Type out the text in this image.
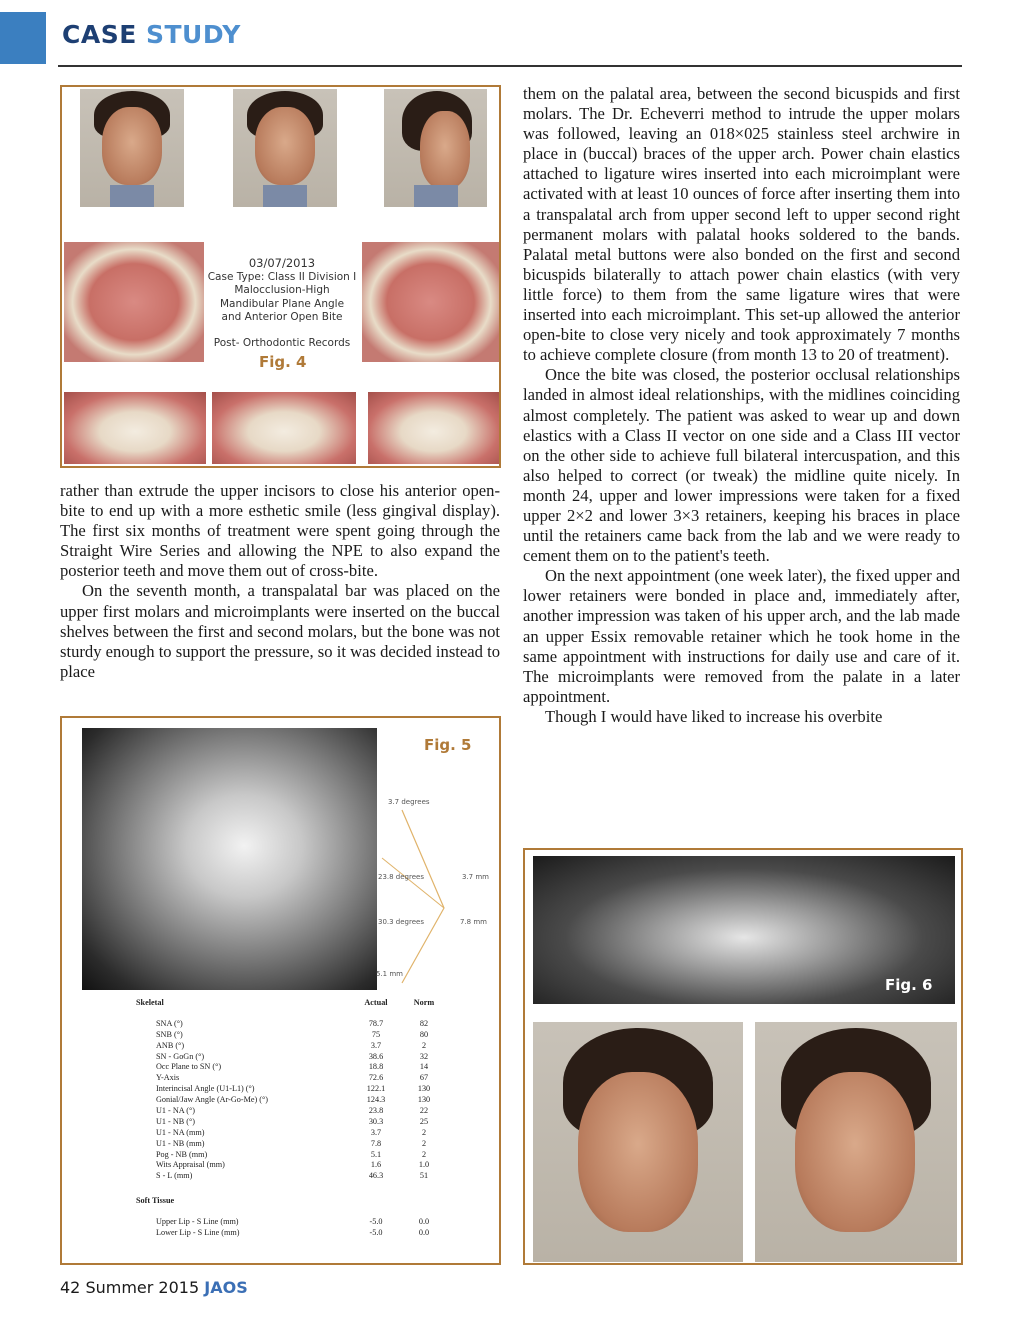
CASE STUDY
03/07/2013
Case Type: Class II Division I
Malocclusion-High
Mandibular Plane Angle
and Anterior Open Bite
Post- Orthodontic Records
Fig. 4

rather than extrude the upper incisors to close his anterior open-bite to end up with a more esthetic smile (less gingival display). The first six months of treatment were spent going through the Straight Wire Series and allowing the NPE to also expand the posterior teeth and move them out of cross-bite.

On the seventh month, a transpalatal bar was placed on the upper first molars and microimplants were inserted on the buccal shelves between the first and second molars, but the bone was not sturdy enough to support the pressure, so it was decided instead to place

Fig. 5
3.7 degrees
23.8 degrees	3.7 mm
30.3 degrees	7.8 mm
5.1 mm
Skeletal	Actual	Norm
SNA (°)	78.7	82
SNB (°)	75	80
ANB (°)	3.7	2
SN - GoGn (°)	38.6	32
Occ Plane to SN (°)	18.8	14
Y-Axis	72.6	67
Interincisal Angle (U1-L1) (°)	122.1	130
Gonial/Jaw Angle (Ar-Go-Me) (°)	124.3	130
U1 - NA (°)	23.8	22
U1 - NB (°)	30.3	25
U1 - NA (mm)	3.7	2
U1 - NB (mm)	7.8	2
Pog - NB (mm)	5.1	2
Wits Appraisal (mm)	1.6	1.0
S - L (mm)	46.3	51
Soft Tissue
Upper Lip - S Line (mm)	-5.0	0.0
Lower Lip - S Line (mm)	-5.0	0.0

them on the palatal area, between the second bicuspids and first molars. The Dr. Echeverri method to intrude the upper molars was followed, leaving an 018×025 stainless steel archwire in place in (buccal) braces of the upper arch. Power chain elastics attached to ligature wires inserted into each microimplant were activated with at least 10 ounces of force after inserting them into a transpalatal arch from upper second left to upper second right permanent molars with palatal hooks soldered to the bands. Palatal metal buttons were also bonded on the first and second bicuspids bilaterally to attach power chain elastics (with very little force) to them from the same ligature wires that were inserted into each microimplant. This set-up allowed the anterior open-bite to close very nicely and took approximately 7 months to achieve complete closure (from month 13 to 20 of treatment).

Once the bite was closed, the posterior occlusal relationships landed in almost ideal relationships, with the midlines coinciding almost completely. The patient was asked to wear up and down elastics with a Class II vector on one side and a Class III vector on the other side to achieve full bilateral intercuspation, and this also helped to correct (or tweak) the midline quite nicely. In month 24, upper and lower impressions were taken for a fixed upper 2×2 and lower 3×3 retainers, keeping his braces in place until the retainers came back from the lab and we were ready to cement them on to the patient's teeth.

On the next appointment (one week later), the fixed upper and lower retainers were bonded in place and, immediately after, another impression was taken of his upper arch, and the lab made an upper Essix removable retainer which he took home in the same appointment with instructions for daily use and care of it. The microimplants were removed from the palate in a later appointment.

Though I would have liked to increase his overbite

Fig. 6
42 Summer 2015 JAOS
